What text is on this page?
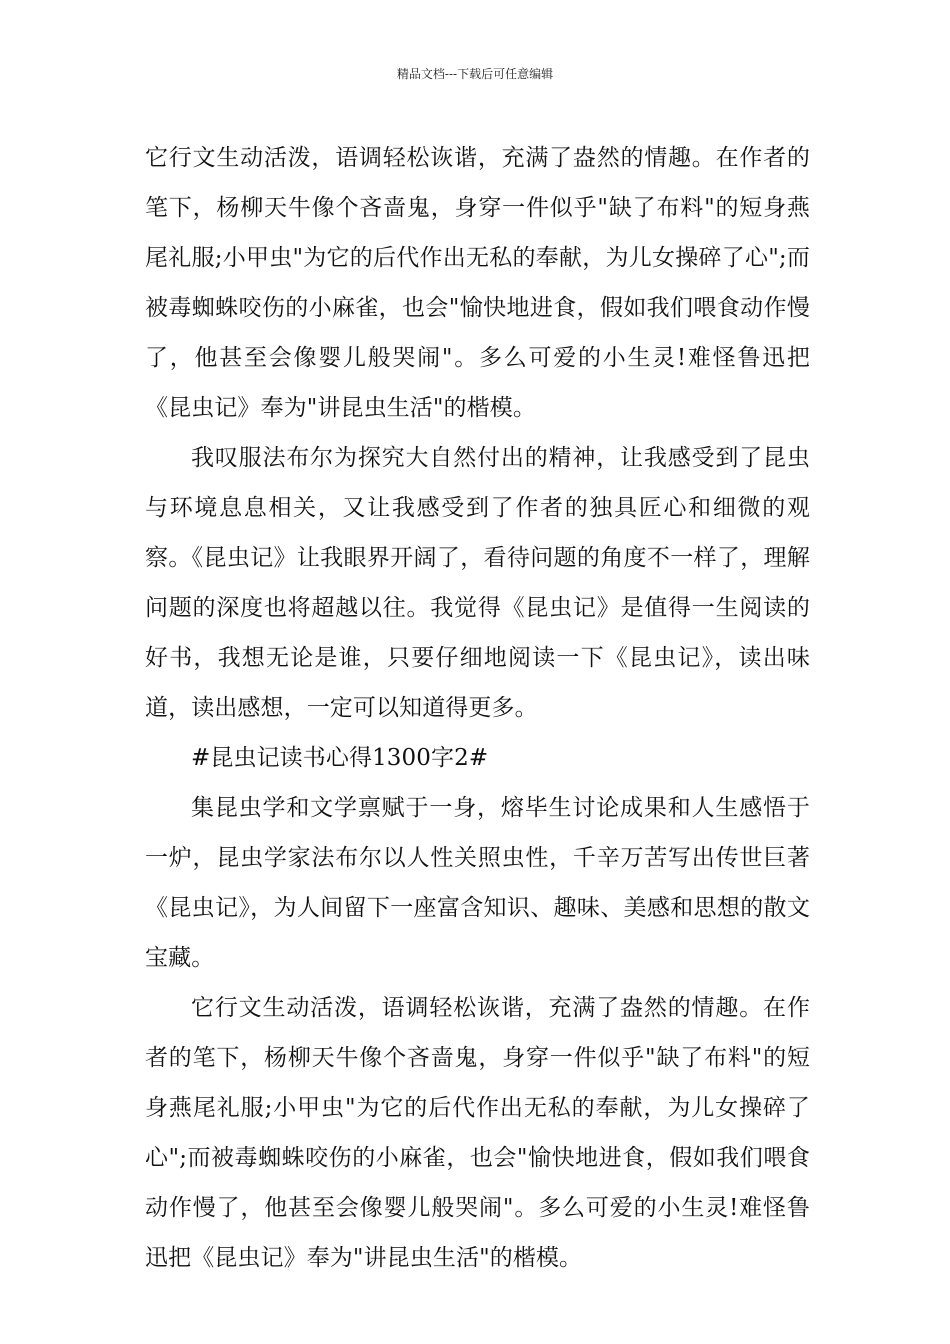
精品文档---下载后可任意编辑

它行文生动活泼，语调轻松诙谐，充满了盎然的情趣。在作者的笔下，杨柳天牛像个吝啬鬼，身穿一件似乎"缺了布料"的短身燕尾礼服;小甲虫"为它的后代作出无私的奉献，为儿女操碎了心";而被毒蜘蛛咬伤的小麻雀，也会"愉快地进食，假如我们喂食动作慢了，他甚至会像婴儿般哭闹"。多么可爱的小生灵!难怪鲁迅把《昆虫记》奉为"讲昆虫生活"的楷模。

我叹服法布尔为探究大自然付出的精神，让我感受到了昆虫与环境息息相关，又让我感受到了作者的独具匠心和细微的观察。《昆虫记》让我眼界开阔了，看待问题的角度不一样了，理解问题的深度也将超越以往。我觉得《昆虫记》是值得一生阅读的好书，我想无论是谁，只要仔细地阅读一下《昆虫记》，读出味道，读出感想，一定可以知道得更多。

#昆虫记读书心得1300字2#

集昆虫学和文学禀赋于一身，熔毕生讨论成果和人生感悟于一炉，昆虫学家法布尔以人性关照虫性，千辛万苦写出传世巨著《昆虫记》，为人间留下一座富含知识、趣味、美感和思想的散文宝藏。

它行文生动活泼，语调轻松诙谐，充满了盎然的情趣。在作者的笔下，杨柳天牛像个吝啬鬼，身穿一件似乎"缺了布料"的短身燕尾礼服;小甲虫"为它的后代作出无私的奉献，为儿女操碎了心";而被毒蜘蛛咬伤的小麻雀，也会"愉快地进食，假如我们喂食动作慢了，他甚至会像婴儿般哭闹"。多么可爱的小生灵!难怪鲁迅把《昆虫记》奉为"讲昆虫生活"的楷模。
